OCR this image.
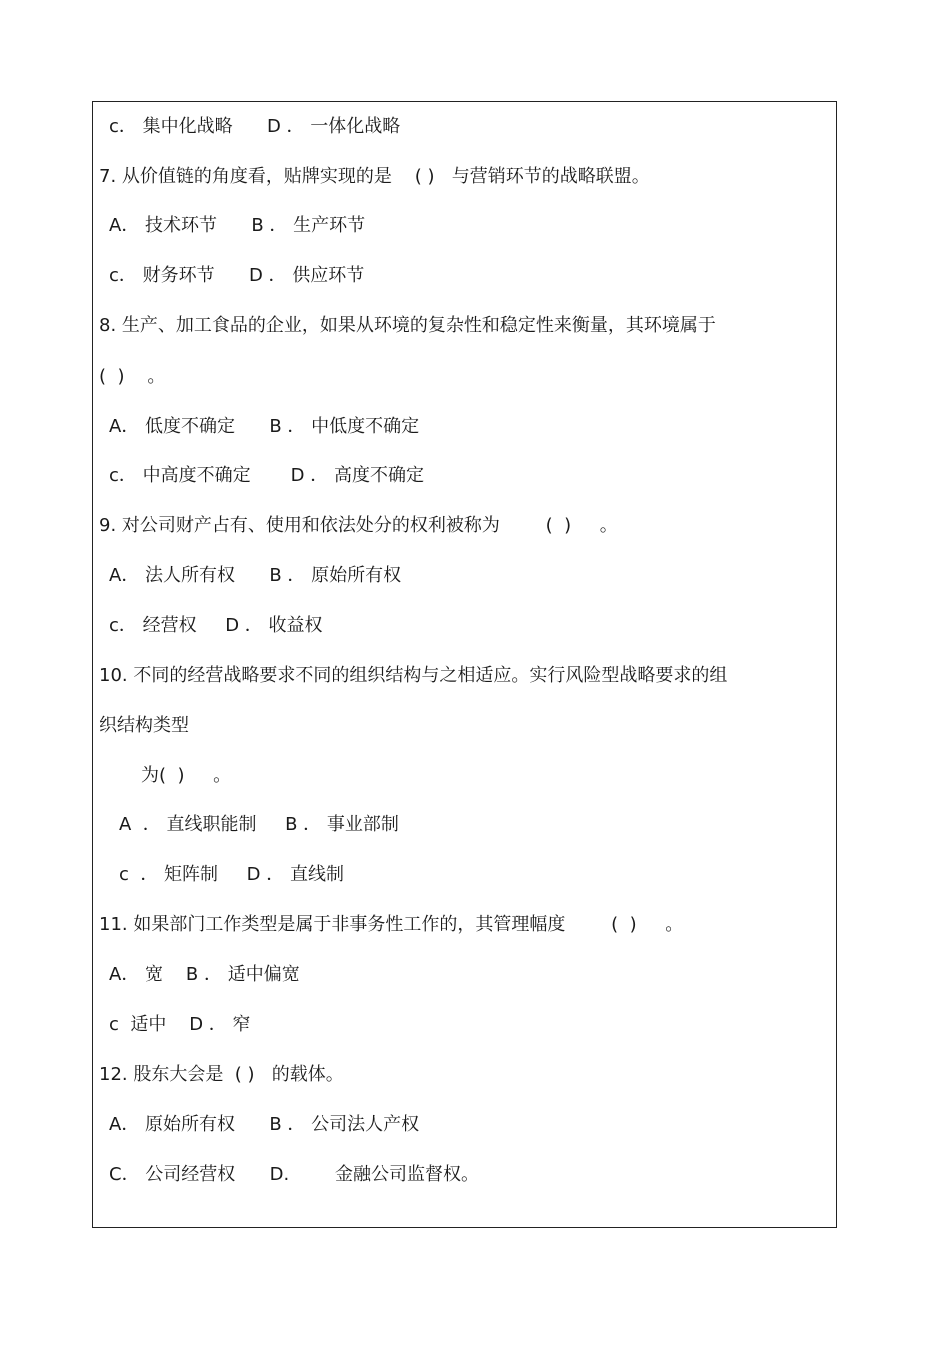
c． 集中化战略      D ． 一体化战略
7. 从价值链的角度看，贴牌实现的是    ( )   与营销环节的战略联盟。
A． 技术环节      B ． 生产环节
c． 财务环节      D ． 供应环节
8. 生产、加工食品的企业，如果从环境的复杂性和稳定性来衡量，其环境属于
(  )    。
A． 低度不确定      B ． 中低度不确定
c． 中高度不确定       D ． 高度不确定
9. 对公司财产占有、使用和依法处分的权利被称为        (  )     。
A． 法人所有权      B ． 原始所有权
c． 经营权     D ． 收益权
10. 不同的经营战略要求不同的组织结构与之相适应。实行风险型战略要求的组
织结构类型
为(  )     。
A  ． 直线职能制     B ． 事业部制
c  ． 矩阵制     D ． 直线制
11. 如果部门工作类型是属于非事务性工作的，其管理幅度        (  )     。
A． 宽    B ． 适中偏宽
c  适中    D ． 窄
12. 股东大会是  ( )   的载体。
A． 原始所有权      B ． 公司法人产权
C． 公司经营权      D.        金融公司监督权。
